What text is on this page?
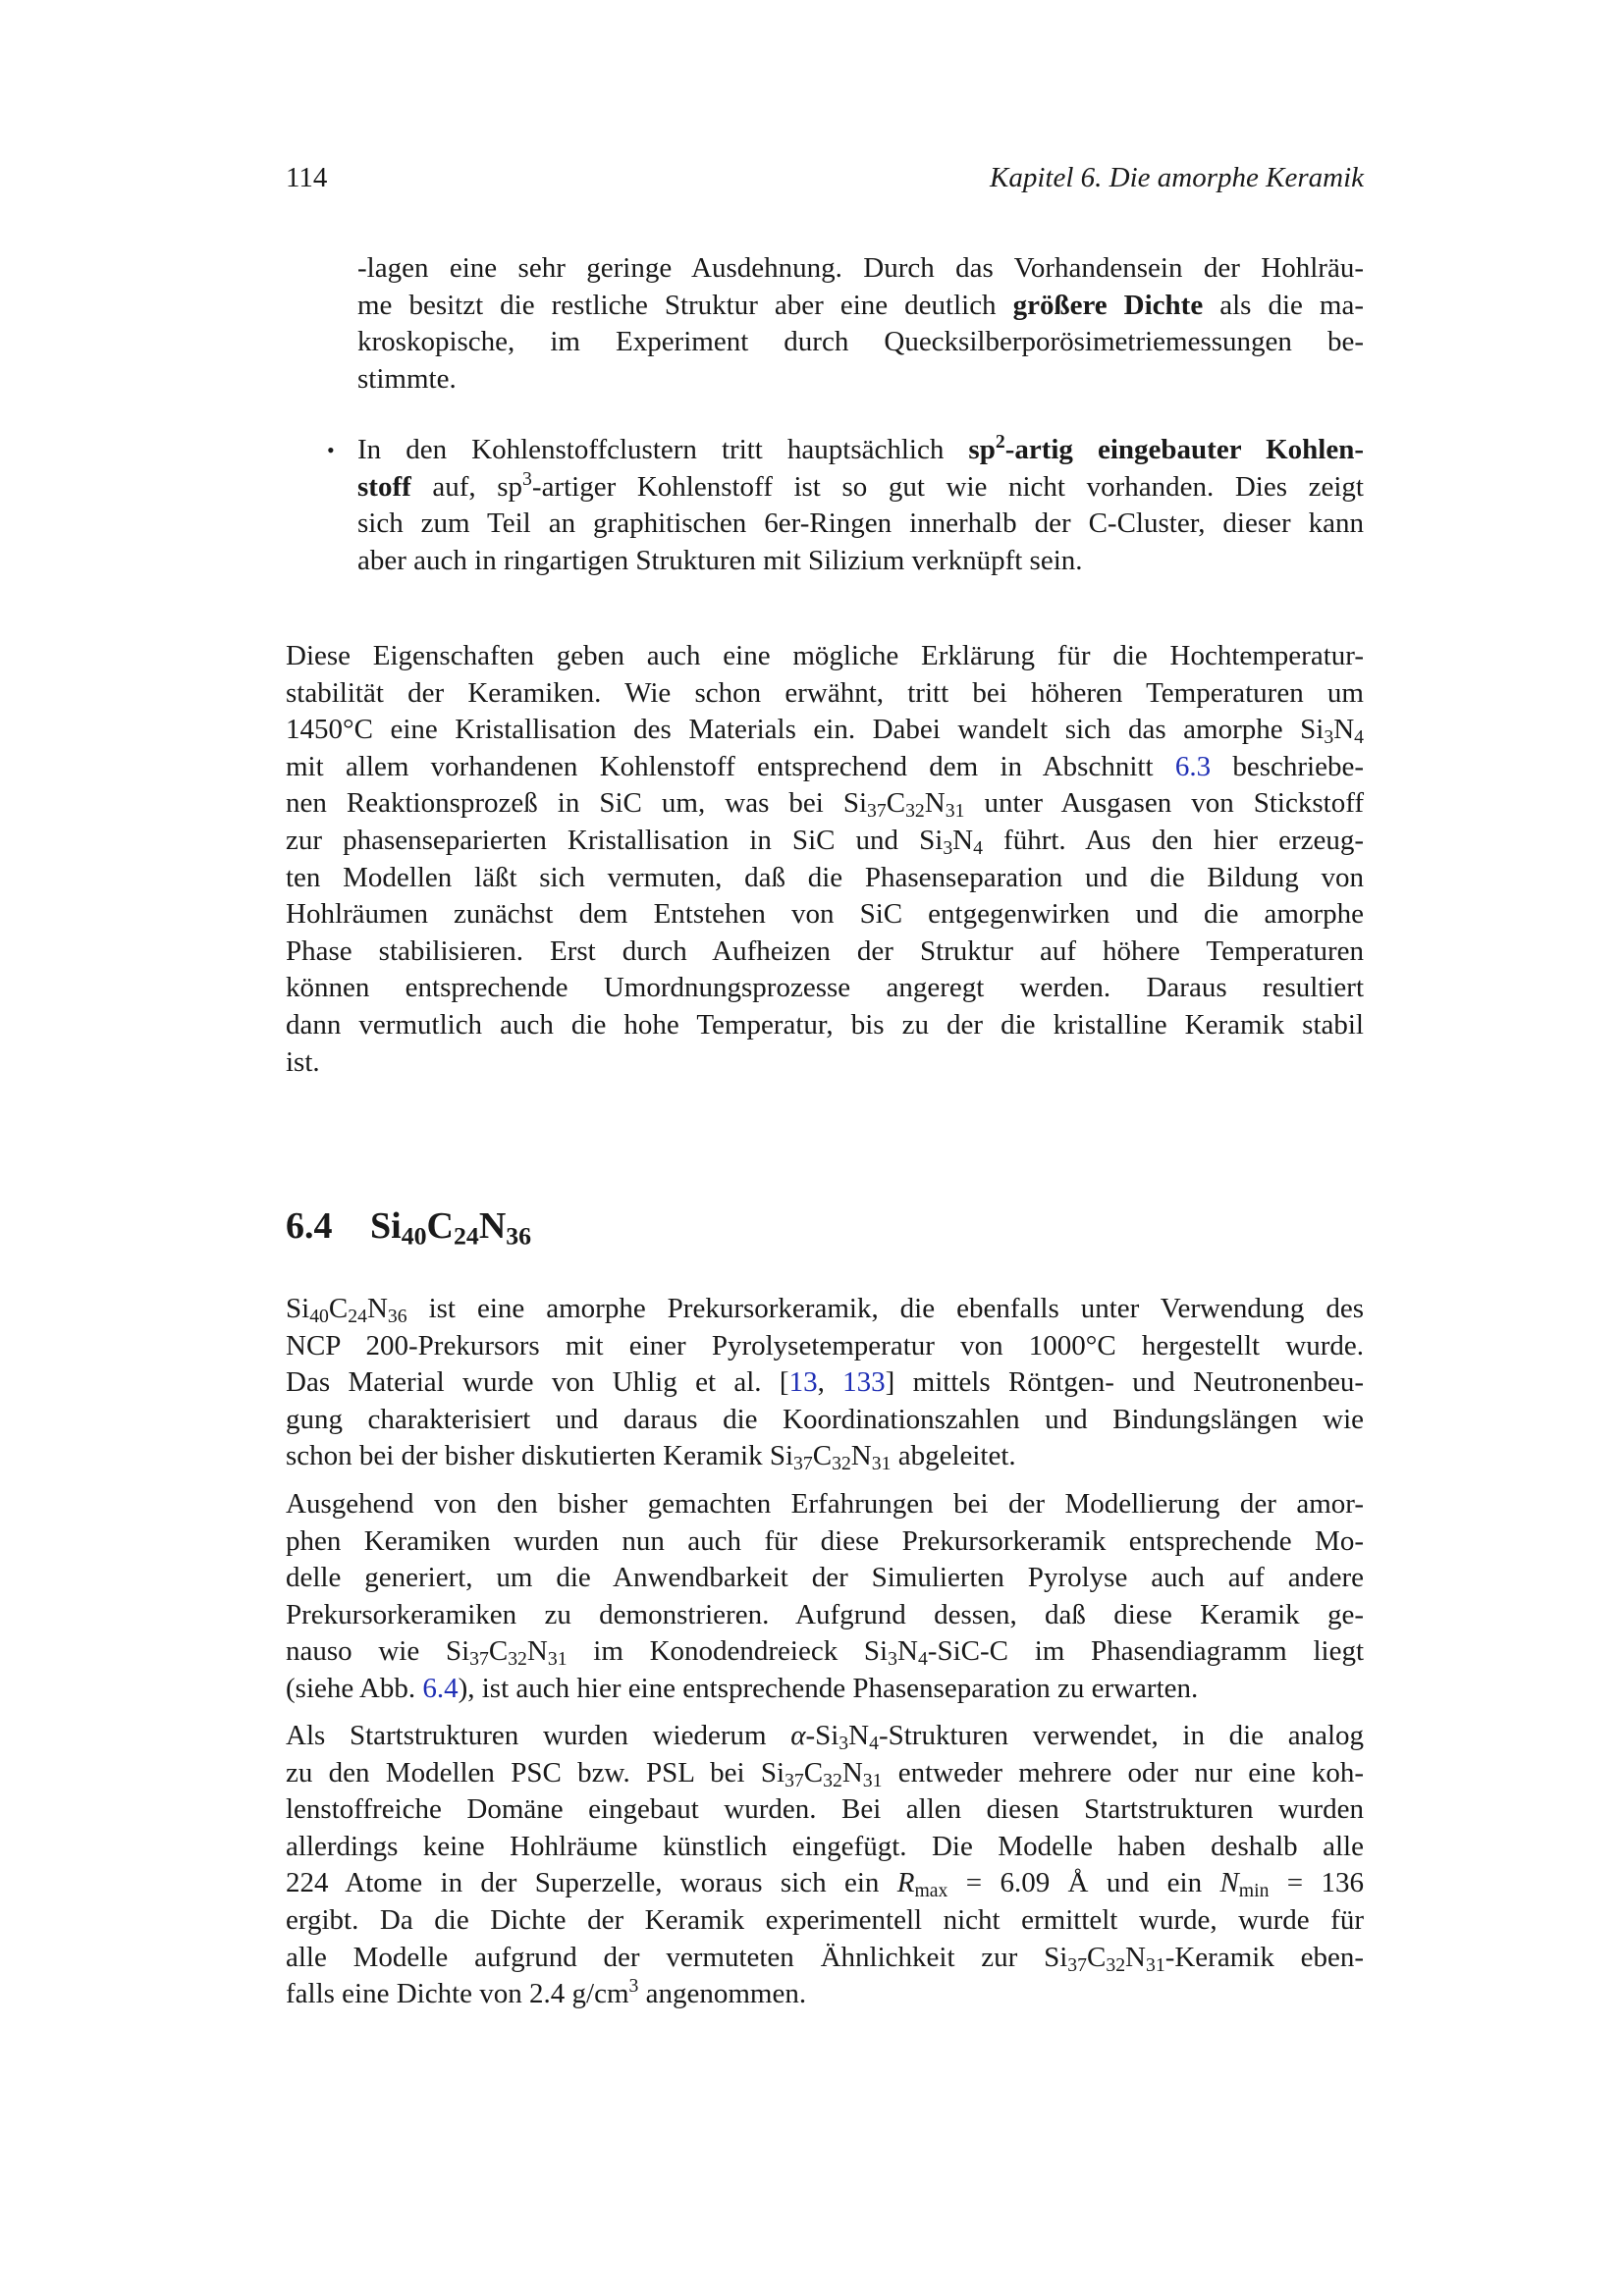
114	Kapitel 6. Die amorphe Keramik
-lagen eine sehr geringe Ausdehnung. Durch das Vorhandensein der Hohlräu-
me besitzt die restliche Struktur aber eine deutlich größere Dichte als die ma-
kroskopische, im Experiment durch Quecksilberporösimetriemessungen be-
stimmte.
• In den Kohlenstoffclustern tritt hauptsächlich $sp^2$-artig eingebauter Kohlen-
stoff auf, $sp^3$-artiger Kohlenstoff ist so gut wie nicht vorhanden. Dies zeigt
sich zum Teil an graphitischen 6er-Ringen innerhalb der C-Cluster, dieser kann
aber auch in ringartigen Strukturen mit Silizium verknüpft sein.
Diese Eigenschaften geben auch eine mögliche Erklärung für die Hochtemperatur-
stabilität der Keramiken. Wie schon erwähnt, tritt bei höheren Temperaturen um
1450°C eine Kristallisation des Materials ein. Dabei wandelt sich das amorphe $Si_3N_4$
mit allem vorhandenen Kohlenstoff entsprechend dem in Abschnitt 6.3 beschriebe-
nen Reaktionsprozeß in SiC um, was bei $Si_{37}C_{32}N_{31}$ unter Ausgasen von Stickstoff
zur phasenseparierten Kristallisation in SiC und $Si_3N_4$ führt. Aus den hier erzeug-
ten Modellen läßt sich vermuten, daß die Phasenseparation und die Bildung von
Hohlräumen zunächst dem Entstehen von SiC entgegenwirken und die amorphe
Phase stabilisieren. Erst durch Aufheizen der Struktur auf höhere Temperaturen
können entsprechende Umordnungsprozesse angeregt werden. Daraus resultiert
dann vermutlich auch die hohe Temperatur, bis zu der die kristalline Keramik stabil
ist.
6.4 $Si_{40}C_{24}N_{36}$
$Si_{40}C_{24}N_{36}$ ist eine amorphe Prekursorkeramik, die ebenfalls unter Verwendung des
NCP 200-Prekursors mit einer Pyrolysetemperatur von 1000°C hergestellt wurde.
Das Material wurde von Uhlig et al. [13, 133] mittels Röntgen- und Neutronenbeu-
gung charakterisiert und daraus die Koordinationszahlen und Bindungslängen wie
schon bei der bisher diskutierten Keramik $Si_{37}C_{32}N_{31}$ abgeleitet.
Ausgehend von den bisher gemachten Erfahrungen bei der Modellierung der amor-
phen Keramiken wurden nun auch für diese Prekursorkeramik entsprechende Mo-
delle generiert, um die Anwendbarkeit der Simulierten Pyrolyse auch auf andere
Prekursorkeramiken zu demonstrieren. Aufgrund dessen, daß diese Keramik ge-
nauso wie $Si_{37}C_{32}N_{31}$ im Konodendreieck $Si_3N_4-SiC-C$ im Phasendiagramm liegt
(siehe Abb. 6.4), ist auch hier eine entsprechende Phasenseparation zu erwarten.
Als Startstrukturen wurden wiederum $\alpha-Si_3N_4$-Strukturen verwendet, in die analog
zu den Modellen PSC bzw. PSL bei $Si_{37}C_{32}N_{31}$ entweder mehrere oder nur eine koh-
lenstoffreiche Domäne eingebaut wurden. Bei allen diesen Startstrukturen wurden
allerdings keine Hohlräume künstlich eingefügt. Die Modelle haben deshalb alle
224 Atome in der Superzelle, woraus sich ein $R_{max} = 6.09$ Å und ein $N_{min} = 136$
ergibt. Da die Dichte der Keramik experimentell nicht ermittelt wurde, wurde für
alle Modelle aufgrund der vermuteten Ähnlichkeit zur $Si_{37}C_{32}N_{31}$-Keramik eben-
falls eine Dichte von 2.4 $g/cm^3$ angenommen.
